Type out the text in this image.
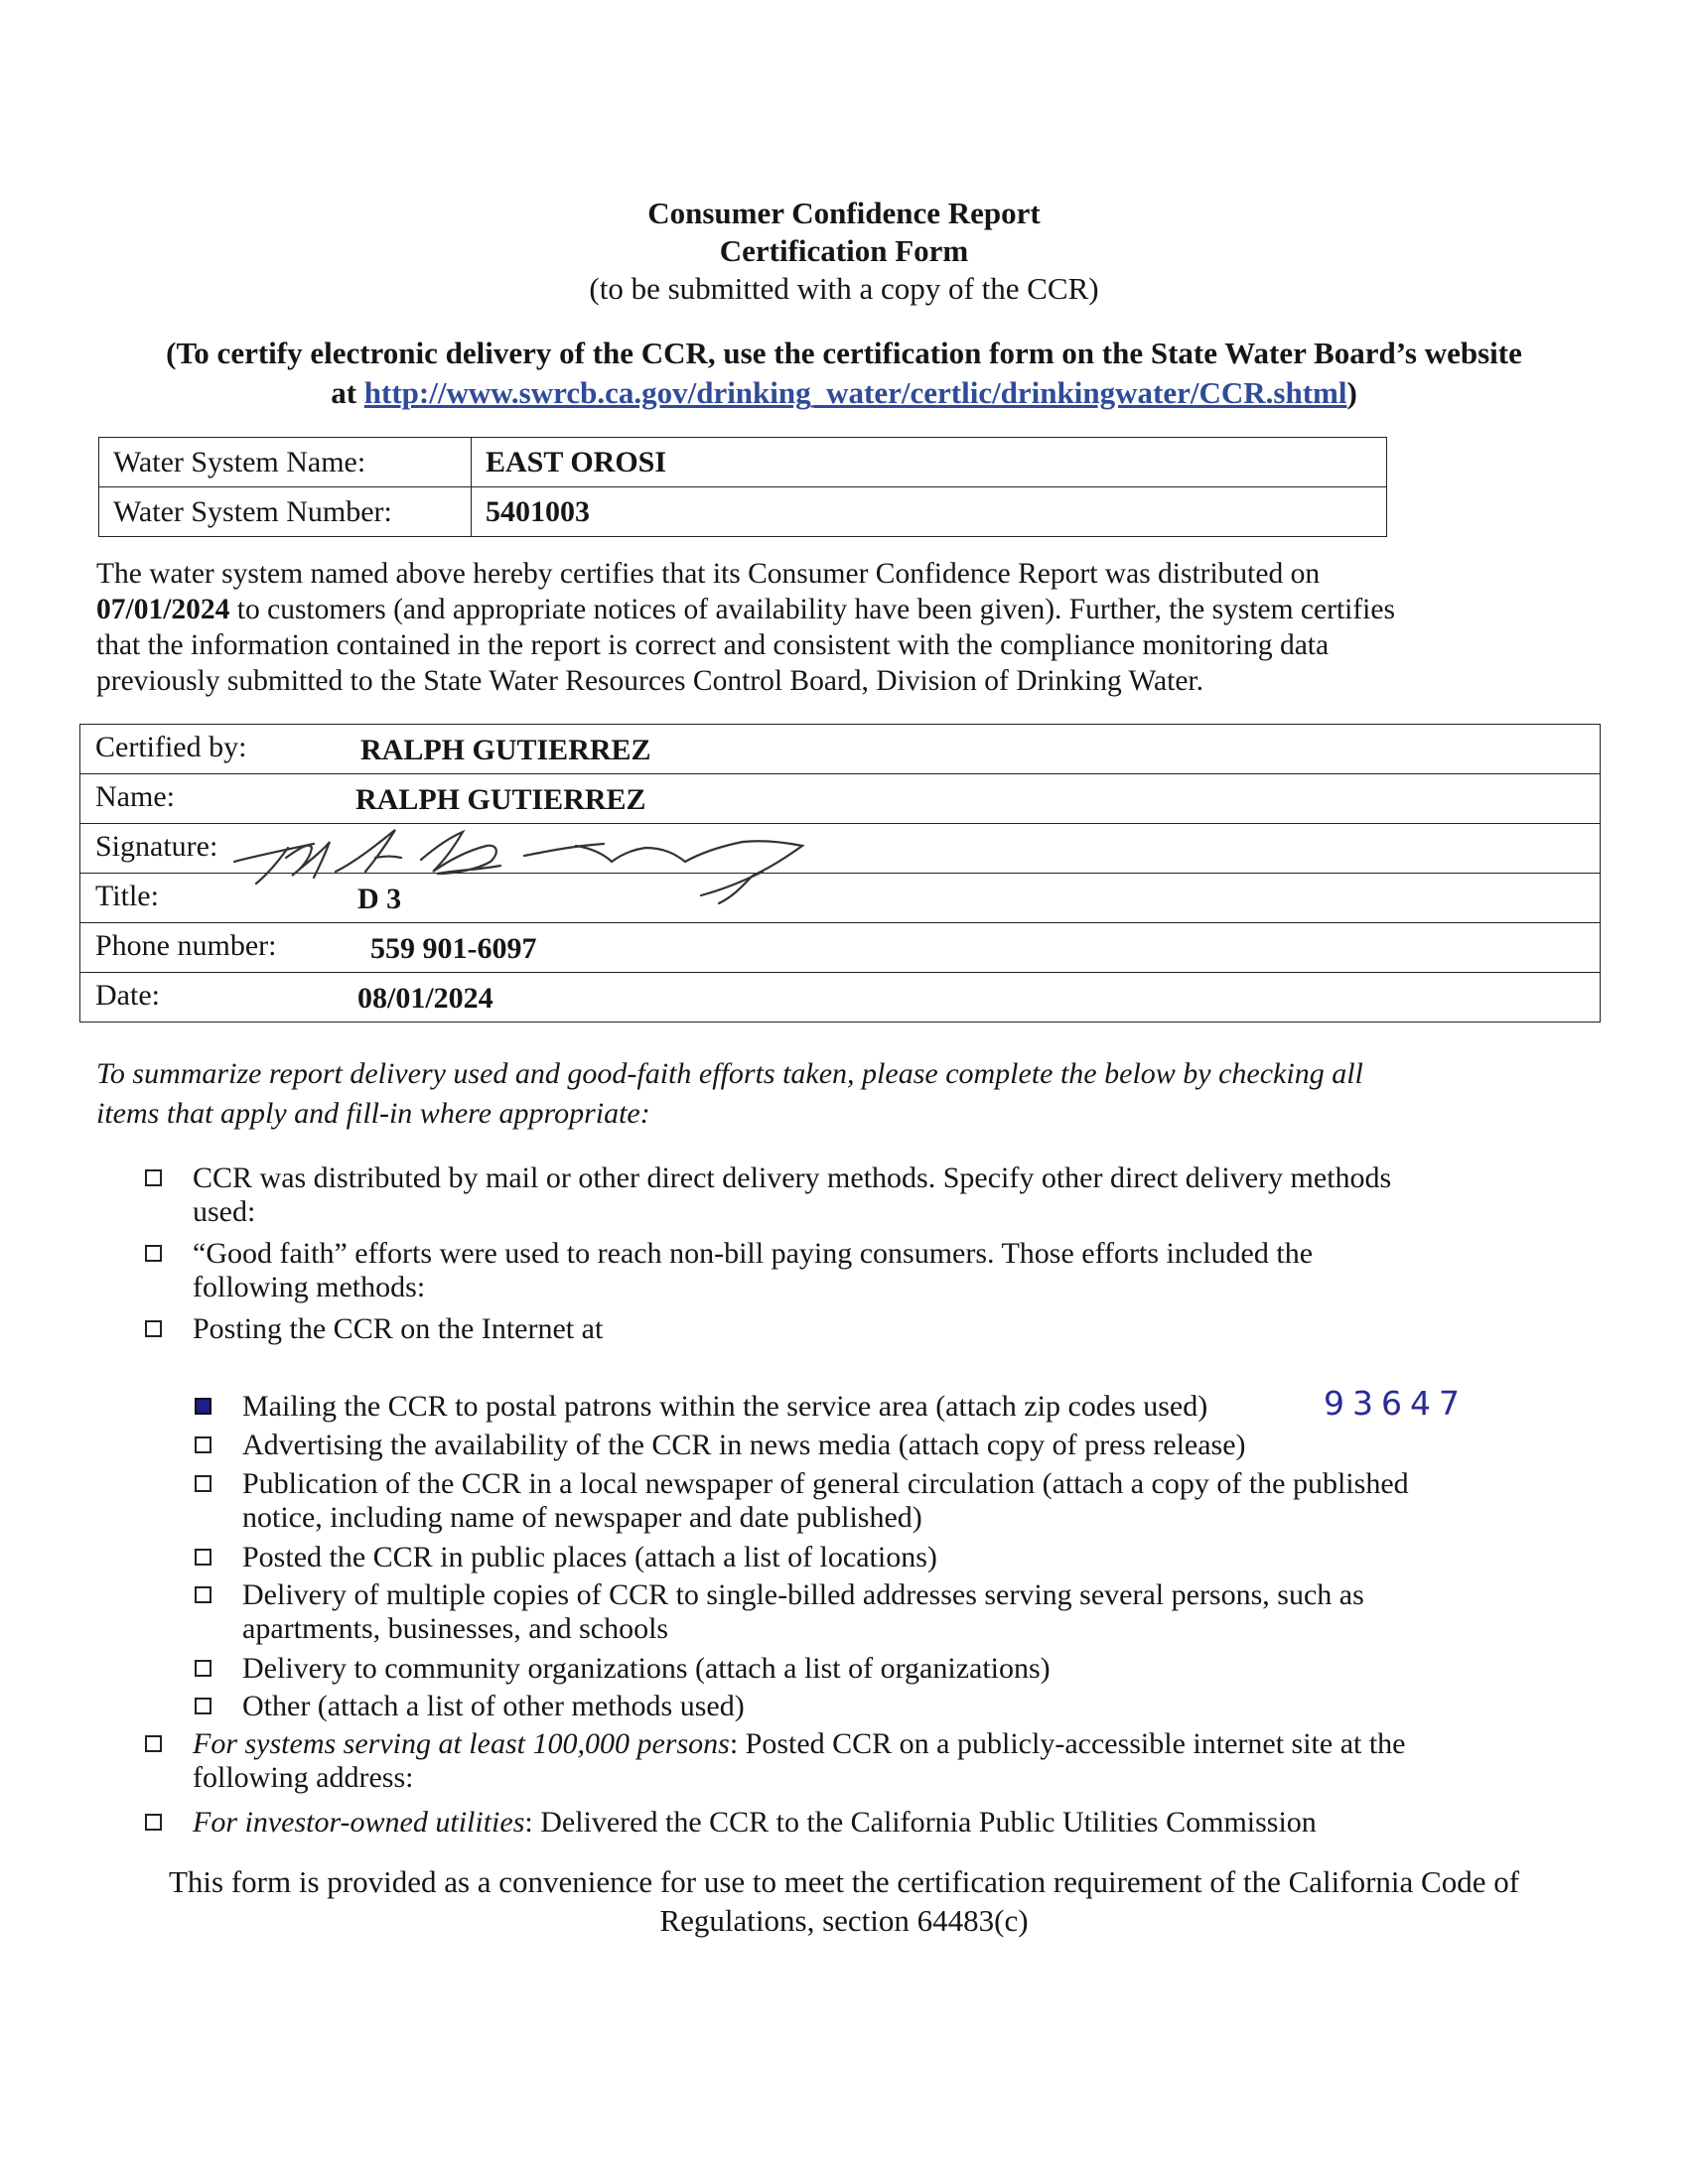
Consumer Confidence Report
Certification Form
(to be submitted with a copy of the CCR)
(To certify electronic delivery of the CCR, use the certification form on the State Water Board’s website
at http://www.swrcb.ca.gov/drinking_water/certlic/drinkingwater/CCR.shtml)
Water System Name:	EAST OROSI
Water System Number:	5401003
The water system named above hereby certifies that its Consumer Confidence Report was distributed on
07/01/2024 to customers (and appropriate notices of availability have been given). Further, the system certifies
that the information contained in the report is correct and consistent with the compliance monitoring data
previously submitted to the State Water Resources Control Board, Division of Drinking Water.
Certified by:	RALPH GUTIERREZ
Name:	RALPH GUTIERREZ
Signature:
Title:	D 3
Phone number:	559 901-6097
Date:	08/01/2024
To summarize report delivery used and good-faith efforts taken, please complete the below by checking all
items that apply and fill-in where appropriate:
CCR was distributed by mail or other direct delivery methods. Specify other direct delivery methods
used:
“Good faith” efforts were used to reach non-bill paying consumers. Those efforts included the
following methods:
Posting the CCR on the Internet at
Mailing the CCR to postal patrons within the service area (attach zip codes used)	93647
Advertising the availability of the CCR in news media (attach copy of press release)
Publication of the CCR in a local newspaper of general circulation (attach a copy of the published
notice, including name of newspaper and date published)
Posted the CCR in public places (attach a list of locations)
Delivery of multiple copies of CCR to single-billed addresses serving several persons, such as
apartments, businesses, and schools
Delivery to community organizations (attach a list of organizations)
Other (attach a list of other methods used)
For systems serving at least 100,000 persons: Posted CCR on a publicly-accessible internet site at the
following address:
For investor-owned utilities: Delivered the CCR to the California Public Utilities Commission
This form is provided as a convenience for use to meet the certification requirement of the California Code of
Regulations, section 64483(c)
